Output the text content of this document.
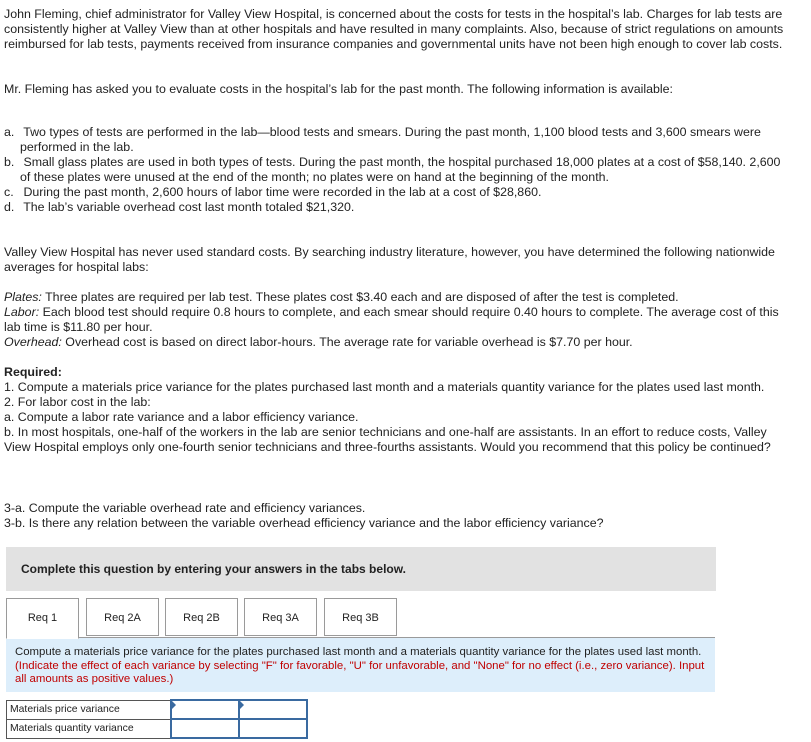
John Fleming, chief administrator for Valley View Hospital, is concerned about the costs for tests in the hospital’s lab. Charges for lab tests are consistently higher at Valley View than at other hospitals and have resulted in many complaints. Also, because of strict regulations on amounts reimbursed for lab tests, payments received from insurance companies and governmental units have not been high enough to cover lab costs.

Mr. Fleming has asked you to evaluate costs in the hospital’s lab for the past month. The following information is available:

a. Two types of tests are performed in the lab—blood tests and smears. During the past month, 1,100 blood tests and 3,600 smears were performed in the lab.
b. Small glass plates are used in both types of tests. During the past month, the hospital purchased 18,000 plates at a cost of $58,140. 2,600 of these plates were unused at the end of the month; no plates were on hand at the beginning of the month.
c. During the past month, 2,600 hours of labor time were recorded in the lab at a cost of $28,860.
d. The lab’s variable overhead cost last month totaled $21,320.

Valley View Hospital has never used standard costs. By searching industry literature, however, you have determined the following nationwide averages for hospital labs:

Plates: Three plates are required per lab test. These plates cost $3.40 each and are disposed of after the test is completed.
Labor: Each blood test should require 0.8 hours to complete, and each smear should require 0.40 hours to complete. The average cost of this lab time is $11.80 per hour.
Overhead: Overhead cost is based on direct labor-hours. The average rate for variable overhead is $7.70 per hour.
Required:
1. Compute a materials price variance for the plates purchased last month and a materials quantity variance for the plates used last month.
2. For labor cost in the lab:
a. Compute a labor rate variance and a labor efficiency variance.
b. In most hospitals, one-half of the workers in the lab are senior technicians and one-half are assistants. In an effort to reduce costs, Valley View Hospital employs only one-fourth senior technicians and three-fourths assistants. Would you recommend that this policy be continued?
3-a. Compute the variable overhead rate and efficiency variances.
3-b. Is there any relation between the variable overhead efficiency variance and the labor efficiency variance?
Complete this question by entering your answers in the tabs below.
Req 1	Req 2A	Req 2B	Req 3A	Req 3B
Compute a materials price variance for the plates purchased last month and a materials quantity variance for the plates used last month. (Indicate the effect of each variance by selecting "F" for favorable, "U" for unfavorable, and "None" for no effect (i.e., zero variance). Input all amounts as positive values.)
Materials price variance	

Materials quantity variance		
